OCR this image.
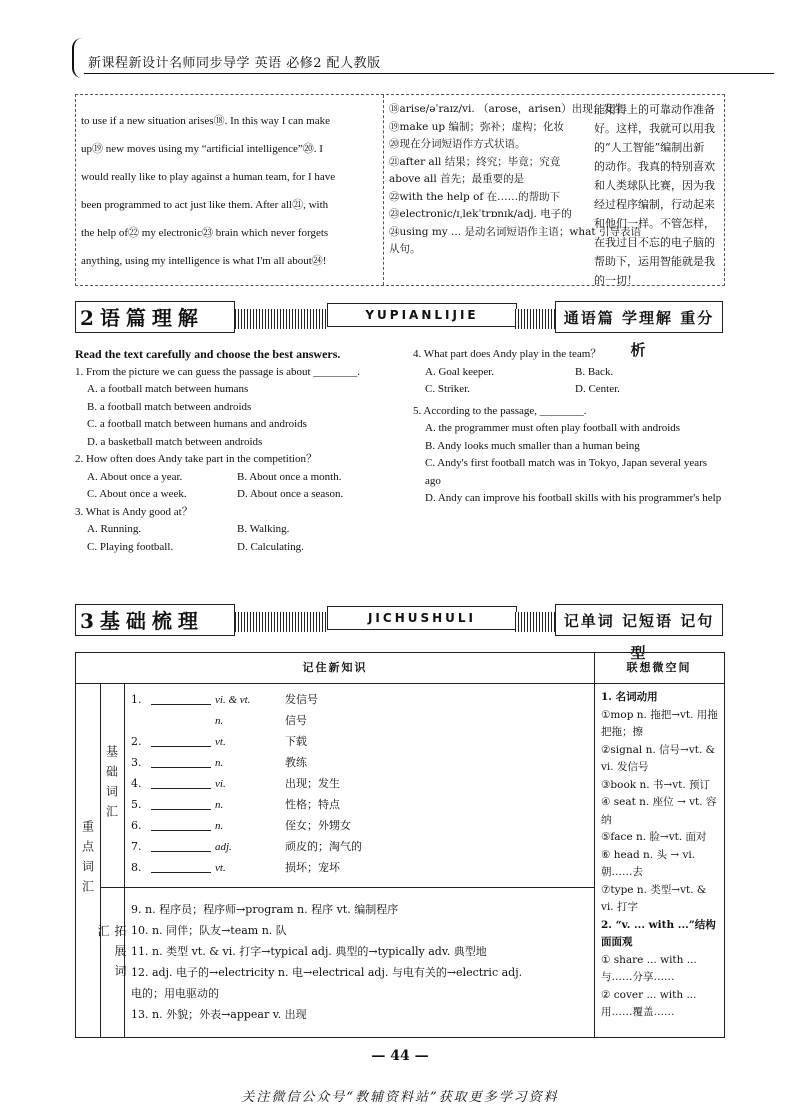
新课程新设计名师同步导学 英语 必修2 配人教版
to use if a new situation arises⑱. In this way I can make
up⑲ new moves using my “artificial intelligence”⑳. I
would really like to play against a human team, for I have
been programmed to act just like them. After all㉑, with
the help of㉒ my electronic㉓ brain which never forgets
anything, using my intelligence is what I'm all about㉔!
⑱arise/əˈraɪz/vi. （arose，arisen）出现；发生
⑲make up 编制；弥补；虚构；化妆
⑳现在分词短语作方式状语。
㉑after all 结果；终究；毕竟；究竟
above all 首先；最重要的是
㉒with the help of 在……的帮助下
㉓electronic/ɪˌlekˈtrɒnɪk/adj. 电子的
㉔using my ... 是动名词短语作主语；what 引导表语从句。
能用得上的可靠动作准备好。这样，我就可以用我的“人工智能”编制出新的动作。我真的特别喜欢和人类球队比赛，因为我经过程序编制，行动起来和他们一样。不管怎样，在我过目不忘的电子脑的帮助下，运用智能就是我的一切！
2语篇理解	YUPIANLIJIE	通语篇 学理解 重分析
Read the text carefully and choose the best answers.
1. From the picture we can guess the passage is about ________.
A. a football match between humans
B. a football match between androids
C. a football match between humans and androids
D. a basketball match between androids
2. How often does Andy take part in the competition？
A. About once a year.	B. About once a month.
C. About once a week.	D. About once a season.
3. What is Andy good at？
A. Running.	B. Walking.
C. Playing football.	D. Calculating.
4. What part does Andy play in the team？
A. Goal keeper.	B. Back.
C. Striker.	D. Center.
5. According to the passage, ________.
A. the programmer must often play football with androids
B. Andy looks much smaller than a human being
C. Andy's first football match was in Tokyo, Japan several years ago
D. Andy can improve his football skills with his programmer's help
3基础梳理	JICHUSHULI	记单词 记短语 记句型
记住新知识	联想微空间
重点词汇
基础词汇
拓展词汇
1.	vi. & vt.	发信号
n.	信号
2.	vt.	下载
3.	n.	教练
4.	vi.	出现；发生
5.	n.	性格；特点
6.	n.	侄女；外甥女
7.	adj.	顽皮的；淘气的
8.	vt.	损坏；宠坏
9. n. 程序员；程序师→program n. 程序 vt. 编制程序
10. n. 同伴；队友→team n. 队
11. n. 类型 vt. & vi. 打字→typical adj. 典型的→typically adv. 典型地
12. adj. 电子的→electricity n. 电→electrical adj. 与电有关的→electric adj.
电的；用电驱动的
13. n. 外貌；外表→appear v. 出现
1. 名词动用
①mop n. 拖把→vt. 用拖把拖；擦
②signal n. 信号→vt. & vi. 发信号
③book n. 书→vt. 预订
④ seat n. 座位 → vt. 容纳
⑤face n. 脸→vt. 面对
⑥ head n. 头 → vi. 朝……去
⑦type n. 类型→vt. & vi. 打字
2. “v. ... with ...”结构面面观
① share ... with ... 与……分享……
② cover ... with ... 用……覆盖……
— 44 —
关注微信公众号“教辅资料站”获取更多学习资料
